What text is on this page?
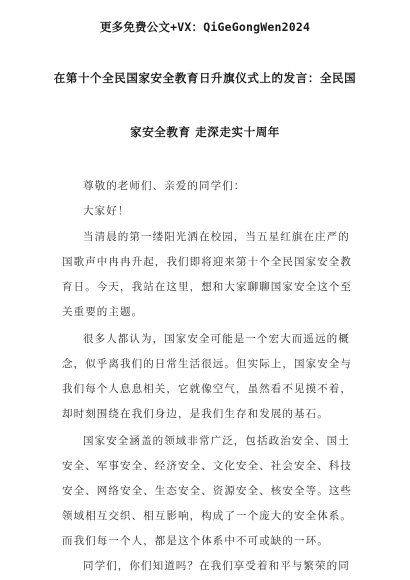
更多免费公文+VX：QiGeGongWen2024
在第十个全民国家安全教育日升旗仪式上的发言：全民国
家安全教育 走深走实十周年
尊敬的老师们、亲爱的同学们：
大家好！
当清晨的第一缕阳光洒在校园，当五星红旗在庄严的
国歌声中冉冉升起，我们即将迎来第十个全民国家安全教
育日。今天，我站在这里，想和大家聊聊国家安全这个至
关重要的主题。
很多人都认为，国家安全可能是一个宏大而遥远的概
念，似乎离我们的日常生活很远。但实际上，国家安全与
我们每个人息息相关，它就像空气，虽然看不见摸不着，
却时刻围绕在我们身边，是我们生存和发展的基石。
国家安全涵盖的领域非常广泛，包括政治安全、国土
安全、军事安全、经济安全、文化安全、社会安全、科技
安全、网络安全、生态安全、资源安全、核安全等。这些
领域相互交织、相互影响，构成了一个庞大的安全体系。
而我们每一个人，都是这个体系中不可或缺的一环。
同学们，你们知道吗？在我们享受着和平与繁荣的同
